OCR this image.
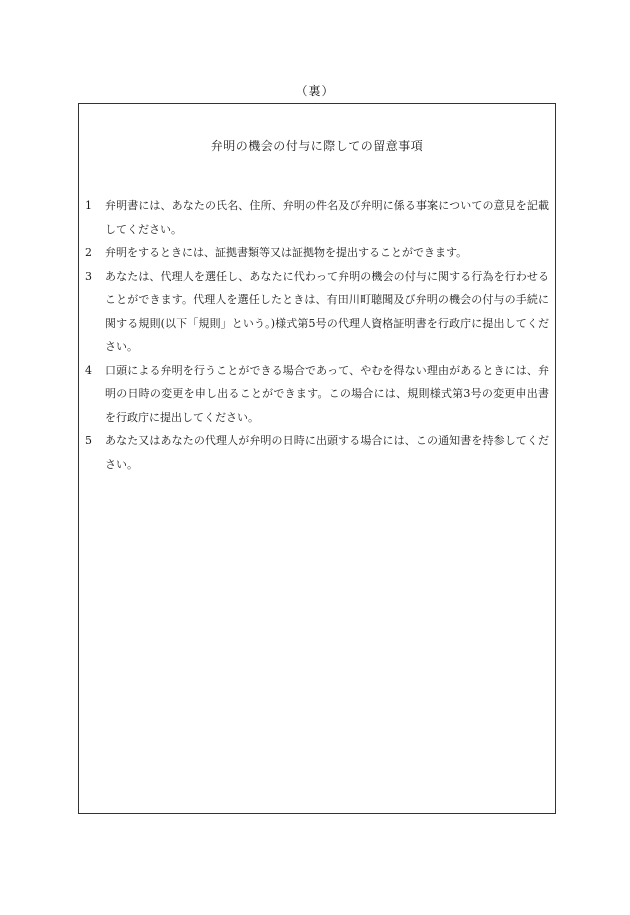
（裏）
弁明の機会の付与に際しての留意事項
1	弁明書には、あなたの氏名、住所、弁明の件名及び弁明に係る事案についての意見を記載してください。
2	弁明をするときには、証拠書類等又は証拠物を提出することができます。
3	あなたは、代理人を選任し、あなたに代わって弁明の機会の付与に関する行為を行わせることができます。代理人を選任したときは、有田川町聴聞及び弁明の機会の付与の手続に関する規則(以下「規則」という。)様式第5号の代理人資格証明書を行政庁に提出してください。
4	口頭による弁明を行うことができる場合であって、やむを得ない理由があるときには、弁明の日時の変更を申し出ることができます。この場合には、規則様式第3号の変更申出書を行政庁に提出してください。
5	あなた又はあなたの代理人が弁明の日時に出頭する場合には、この通知書を持参してください。
